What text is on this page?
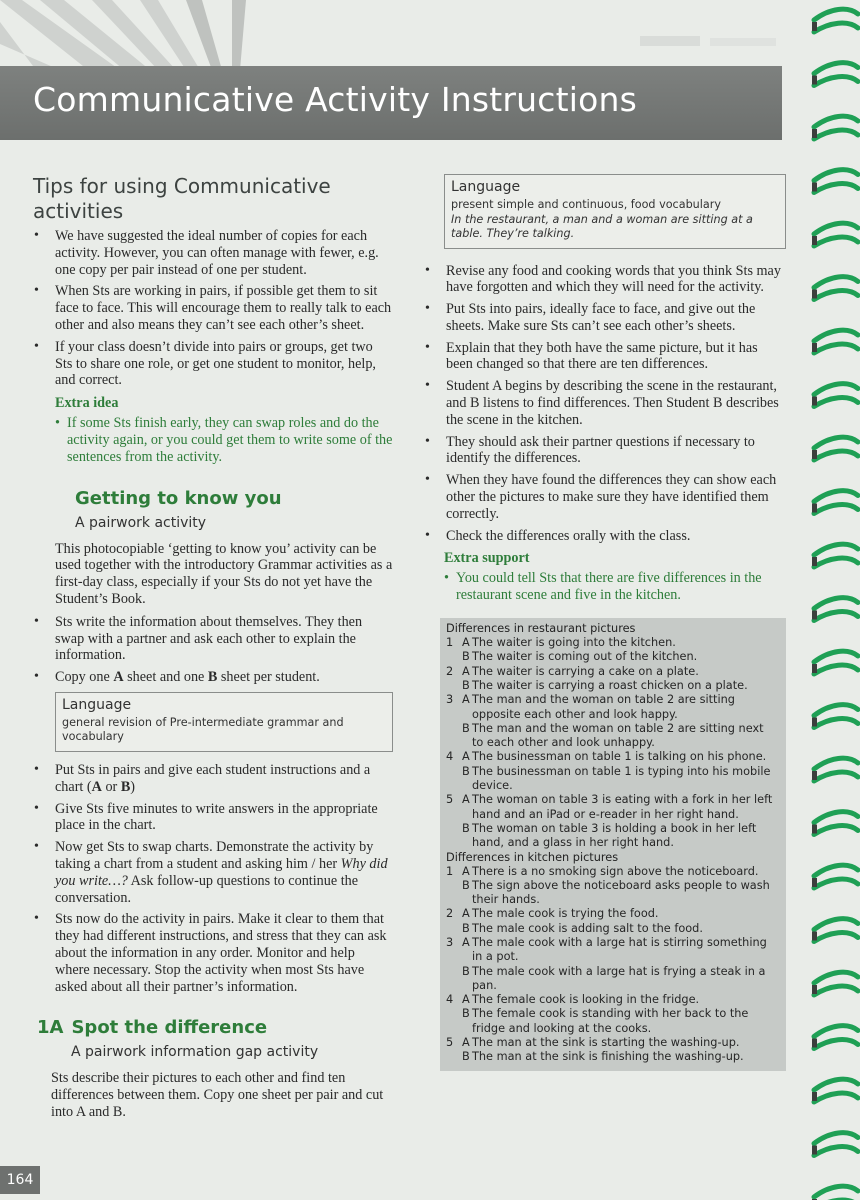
Communicative Activity Instructions
Tips for using Communicative activities
• We have suggested the ideal number of copies for each activity. However, you can often manage with fewer, e.g. one copy per pair instead of one per student.
• When Sts are working in pairs, if possible get them to sit face to face. This will encourage them to really talk to each other and also means they can’t see each other’s sheet.
• If your class doesn’t divide into pairs or groups, get two Sts to share one role, or get one student to monitor, help, and correct.
Extra idea
• If some Sts finish early, they can swap roles and do the activity again, or you could get them to write some of the sentences from the activity.
Getting to know you
A pairwork activity

This photocopiable ‘getting to know you’ activity can be used together with the introductory Grammar activities as a first-day class, especially if your Sts do not yet have the Student’s Book.

• Sts write the information about themselves. They then swap with a partner and ask each other to explain the information.
• Copy one A sheet and one B sheet per student.
Language
general revision of Pre-intermediate grammar and vocabulary
• Put Sts in pairs and give each student instructions and a chart (A or B)
• Give Sts five minutes to write answers in the appropriate place in the chart.
• Now get Sts to swap charts. Demonstrate the activity by taking a chart from a student and asking him / her Why did you write…? Ask follow-up questions to continue the conversation.
• Sts now do the activity in pairs. Make it clear to them that they had different instructions, and stress that they can ask about the information in any order. Monitor and help where necessary. Stop the activity when most Sts have asked about all their partner’s information.
1A Spot the difference
A pairwork information gap activity

Sts describe their pictures to each other and find ten differences between them. Copy one sheet per pair and cut into A and B.

Language
present simple and continuous, food vocabulary
In the restaurant, a man and a woman are sitting at a table. They’re talking.
• Revise any food and cooking words that you think Sts may have forgotten and which they will need for the activity.
• Put Sts into pairs, ideally face to face, and give out the sheets. Make sure Sts can’t see each other’s sheets.
• Explain that they both have the same picture, but it has been changed so that there are ten differences.
• Student A begins by describing the scene in the restaurant, and B listens to find differences. Then Student B describes the scene in the kitchen.
• They should ask their partner questions if necessary to identify the differences.
• When they have found the differences they can show each other the pictures to make sure they have identified them correctly.
• Check the differences orally with the class.
Extra support
• You could tell Sts that there are five differences in the restaurant scene and five in the kitchen.
Differences in restaurant pictures
1 A The waiter is going into the kitchen.
B The waiter is coming out of the kitchen.
2 A The waiter is carrying a cake on a plate.
B The waiter is carrying a roast chicken on a plate.
3 A The man and the woman on table 2 are sitting opposite each other and look happy.
B The man and the woman on table 2 are sitting next to each other and look unhappy.
4 A The businessman on table 1 is talking on his phone.
B The businessman on table 1 is typing into his mobile device.
5 A The woman on table 3 is eating with a fork in her left hand and an iPad or e-reader in her right hand.
B The woman on table 3 is holding a book in her left hand, and a glass in her right hand.
Differences in kitchen pictures
1 A There is a no smoking sign above the noticeboard.
B The sign above the noticeboard asks people to wash their hands.
2 A The male cook is trying the food.
B The male cook is adding salt to the food.
3 A The male cook with a large hat is stirring something in a pot.
B The male cook with a large hat is frying a steak in a pan.
4 A The female cook is looking in the fridge.
B The female cook is standing with her back to the fridge and looking at the cooks.
5 A The man at the sink is starting the washing-up.
B The man at the sink is finishing the washing-up.
164
